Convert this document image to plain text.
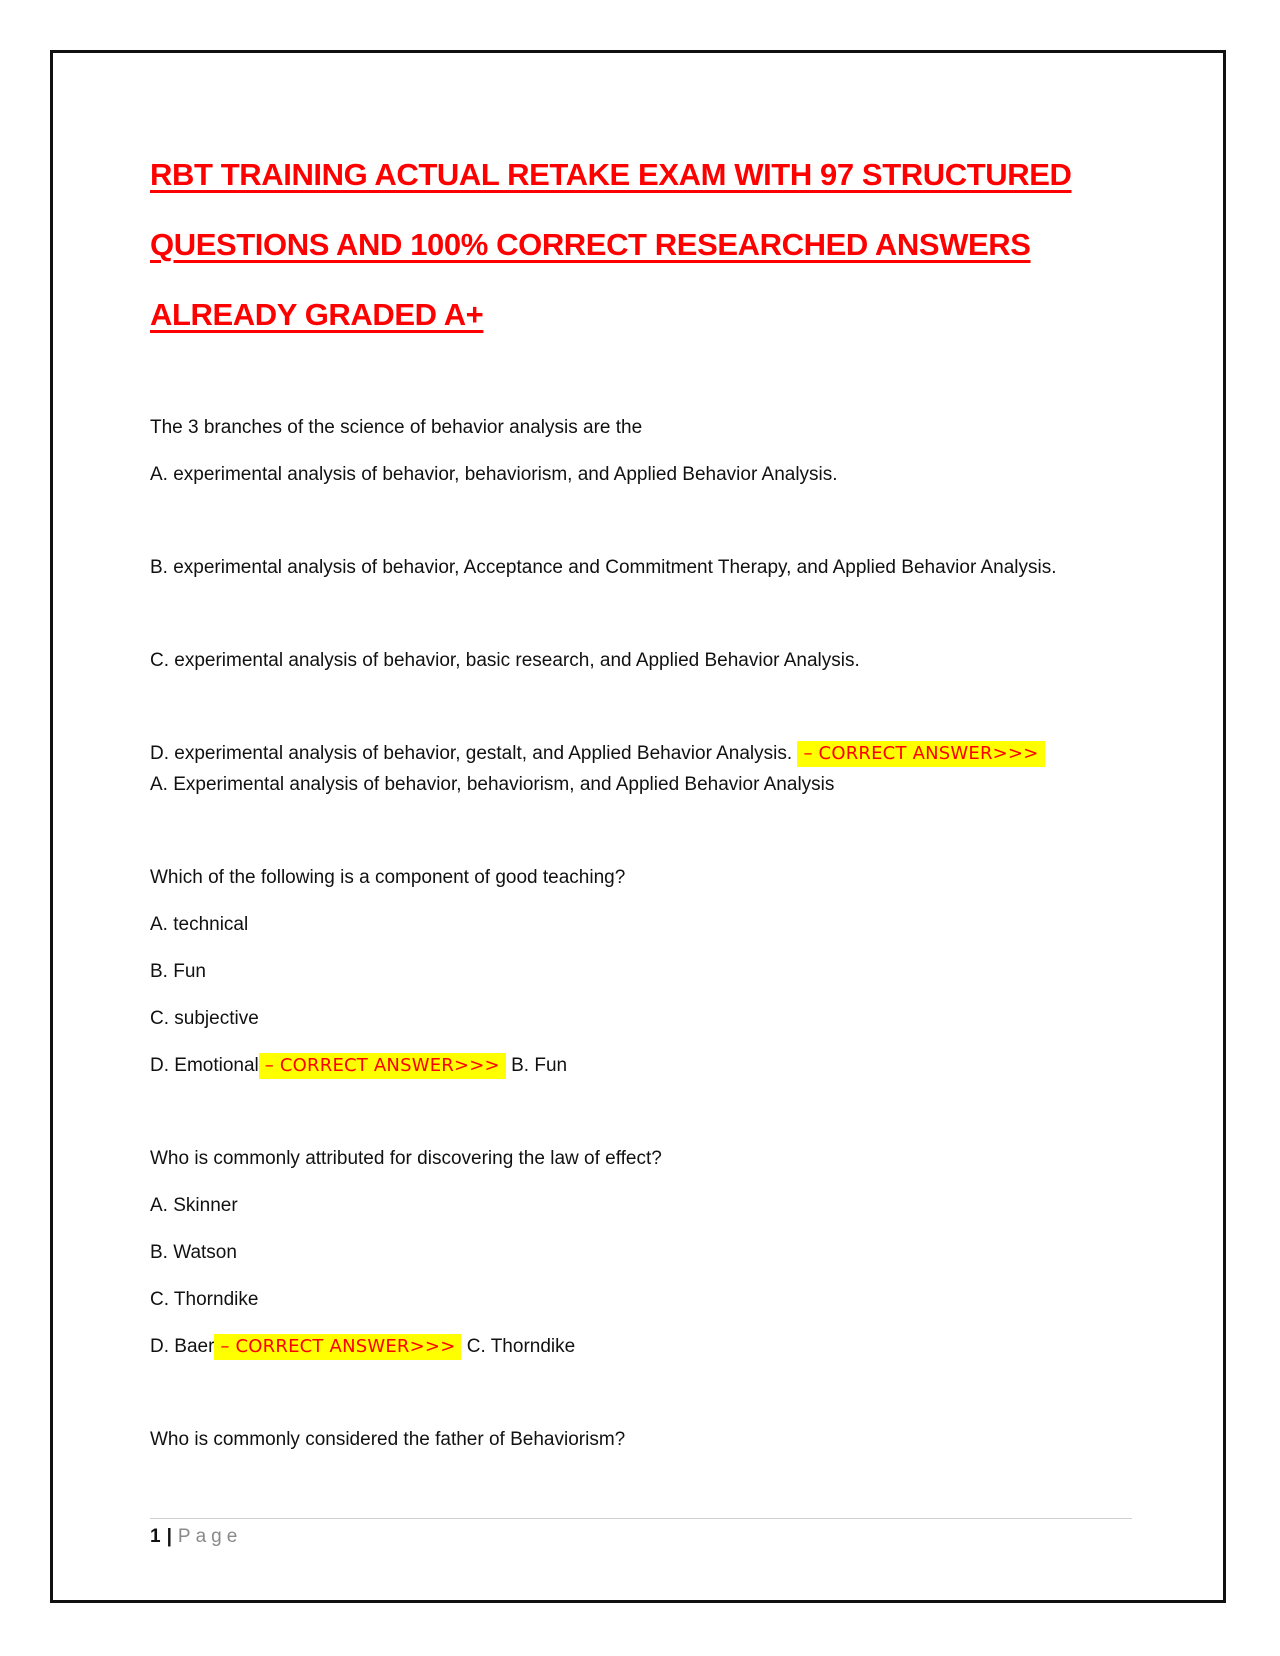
RBT TRAINING ACTUAL RETAKE EXAM WITH 97 STRUCTURED

QUESTIONS AND 100% CORRECT RESEARCHED ANSWERS

ALREADY GRADED A+

The 3 branches of the science of behavior analysis are the

A. experimental analysis of behavior, behaviorism, and Applied Behavior Analysis.

B. experimental analysis of behavior, Acceptance and Commitment Therapy, and Applied Behavior Analysis.

C. experimental analysis of behavior, basic research, and Applied Behavior Analysis.

D. experimental analysis of behavior, gestalt, and Applied Behavior Analysis. – CORRECT ANSWER>>>

A. Experimental analysis of behavior, behaviorism, and Applied Behavior Analysis

Which of the following is a component of good teaching?

A. technical

B. Fun

C. subjective

D. Emotional – CORRECT ANSWER>>> B. Fun

Who is commonly attributed for discovering the law of effect?

A. Skinner

B. Watson

C. Thorndike

D. Baer – CORRECT ANSWER>>> C. Thorndike

Who is commonly considered the father of Behaviorism?

1 | Page
